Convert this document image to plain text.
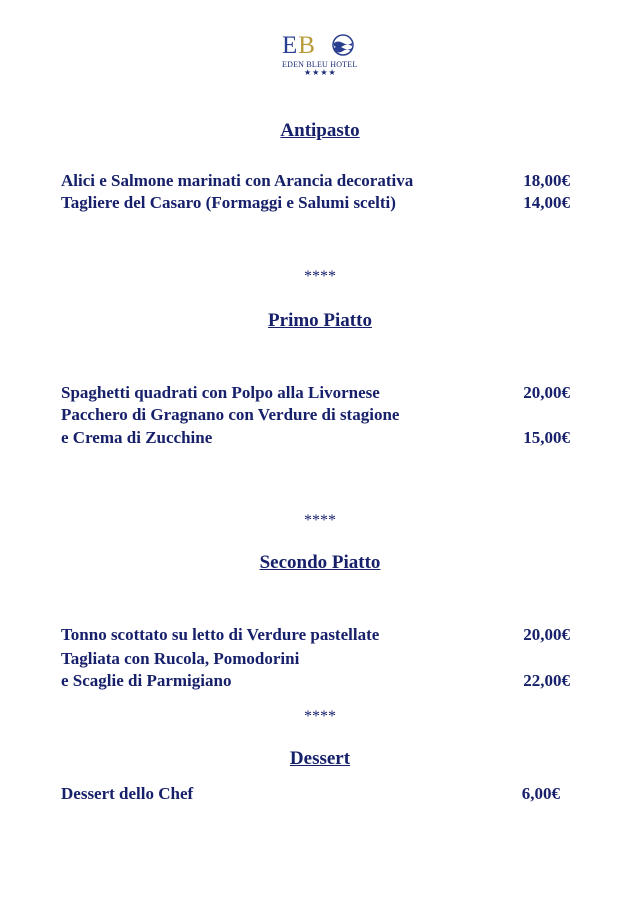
EB
EDEN BLEU HOTEL
★★★★
Antipasto
Alici e Salmone marinati con Arancia decorativa	18,00€
Tagliere del Casaro (Formaggi e Salumi scelti)	14,00€
****
Primo Piatto
Spaghetti quadrati con Polpo alla Livornese	20,00€
Pacchero di Gragnano con Verdure di stagione
e Crema di Zucchine	15,00€
****
Secondo Piatto
Tonno scottato su letto di Verdure pastellate	20,00€
Tagliata con Rucola, Pomodorini
e Scaglie di Parmigiano	22,00€
****
Dessert
Dessert dello Chef	6,00€
